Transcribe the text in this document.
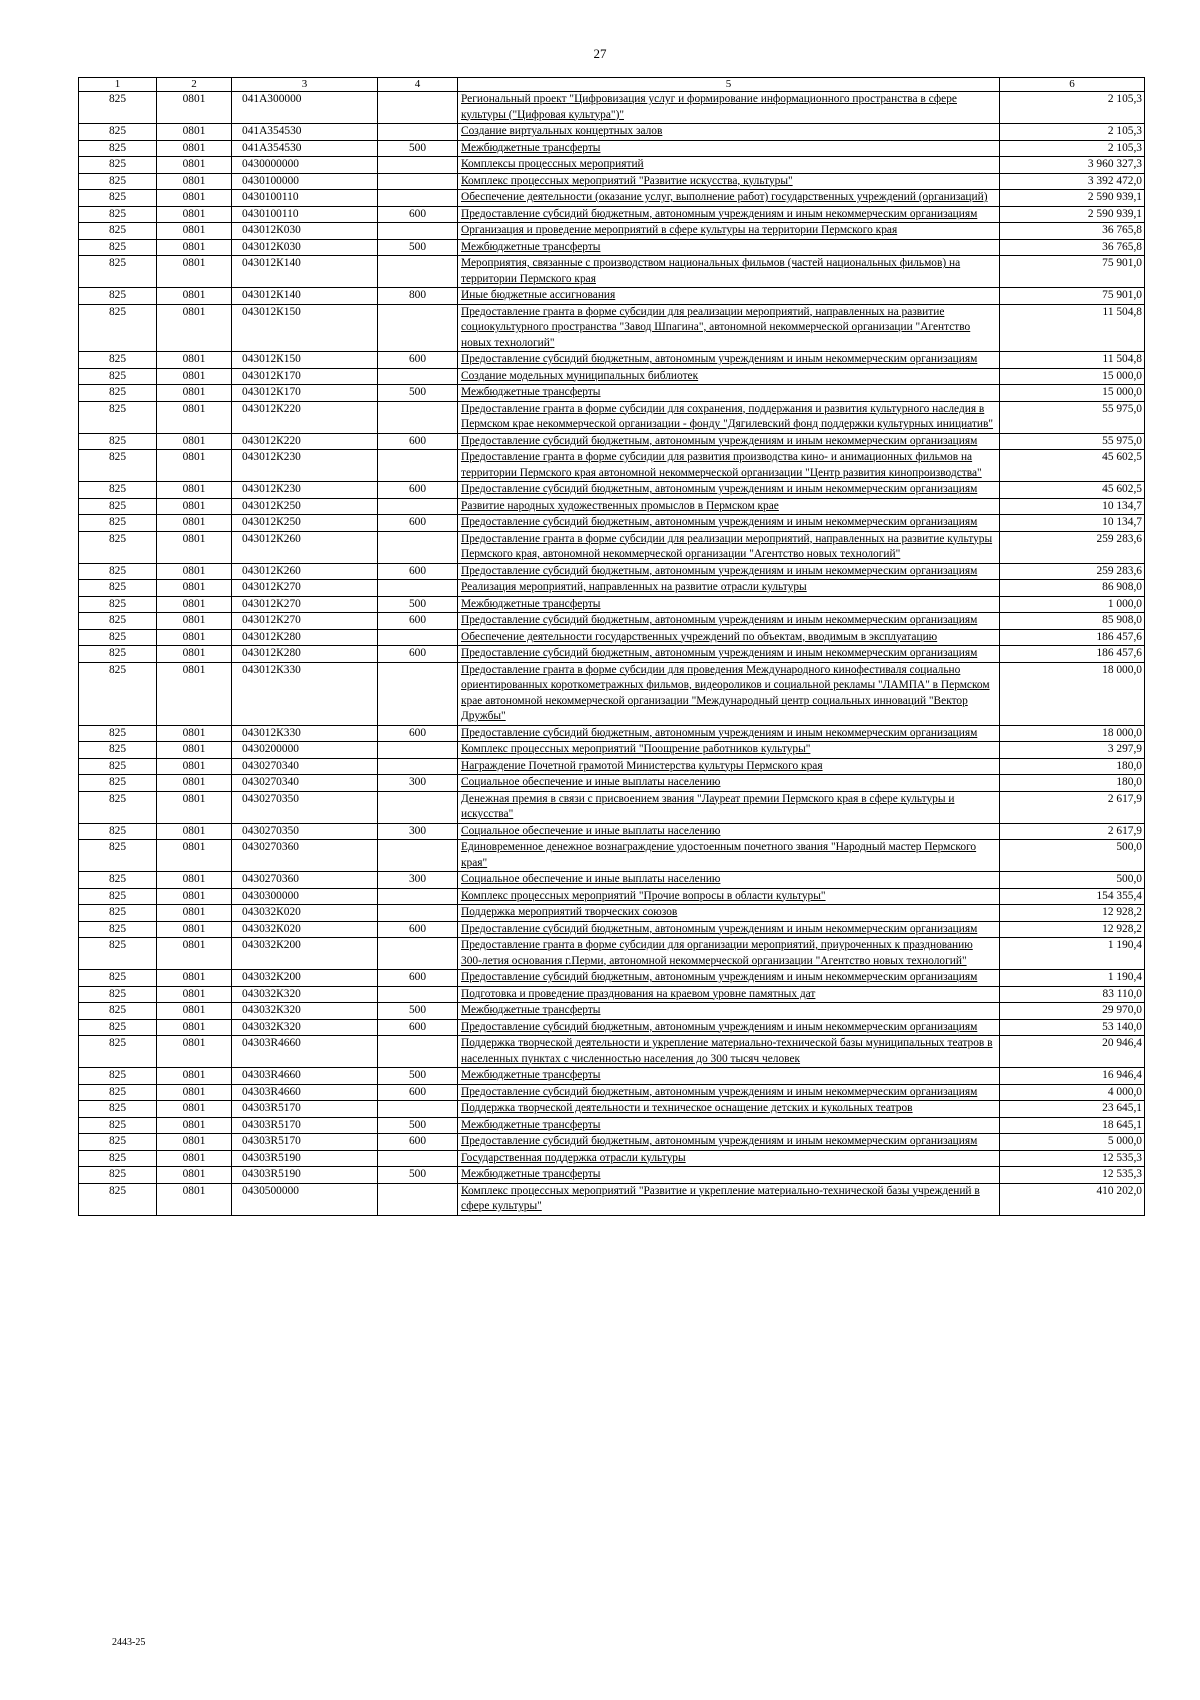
27
1	2	3	4	5	6
825	0801	041A300000		Региональный проект "Цифровизация услуг и формирование информационного пространства в сфере культуры ("Цифровая культура")"	2 105,3
825	0801	041A354530		Создание виртуальных концертных залов	2 105,3
825	0801	041A354530	500	Межбюджетные трансферты	2 105,3
825	0801	0430000000		Комплексы процессных мероприятий	3 960 327,3
825	0801	0430100000		Комплекс процессных мероприятий "Развитие искусства, культуры"	3 392 472,0
825	0801	0430100110		Обеспечение деятельности (оказание услуг, выполнение работ) государственных учреждений (организаций)	2 590 939,1
825	0801	0430100110	600	Предоставление субсидий бюджетным, автономным учреждениям и иным некоммерческим организациям	2 590 939,1
825	0801	043012К030		Организация и проведение мероприятий в сфере культуры на территории Пермского края	36 765,8
825	0801	043012К030	500	Межбюджетные трансферты	36 765,8
825	0801	043012К140		Мероприятия, связанные с производством национальных фильмов (частей национальных фильмов) на территории Пермского края	75 901,0
825	0801	043012К140	800	Иные бюджетные ассигнования	75 901,0
825	0801	043012К150		Предоставление гранта в форме субсидии для реализации мероприятий, направленных на развитие социокультурного пространства "Завод Шпагина", автономной некоммерческой организации "Агентство новых технологий"	11 504,8
825	0801	043012К150	600	Предоставление субсидий бюджетным, автономным учреждениям и иным некоммерческим организациям	11 504,8
825	0801	043012К170		Создание модельных муниципальных библиотек	15 000,0
825	0801	043012К170	500	Межбюджетные трансферты	15 000,0
825	0801	043012К220		Предоставление гранта в форме субсидии для сохранения, поддержания и развития культурного наследия в Пермском крае некоммерческой организации - фонду "Дягилевский фонд поддержки культурных инициатив"	55 975,0
825	0801	043012К220	600	Предоставление субсидий бюджетным, автономным учреждениям и иным некоммерческим организациям	55 975,0
825	0801	043012К230		Предоставление гранта в форме субсидии для развития производства кино- и анимационных фильмов на территории Пермского края автономной некоммерческой организации "Центр развития кинопроизводства"	45 602,5
825	0801	043012К230	600	Предоставление субсидий бюджетным, автономным учреждениям и иным некоммерческим организациям	45 602,5
825	0801	043012К250		Развитие народных художественных промыслов в Пермском крае	10 134,7
825	0801	043012К250	600	Предоставление субсидий бюджетным, автономным учреждениям и иным некоммерческим организациям	10 134,7
825	0801	043012К260		Предоставление гранта в форме субсидии для реализации мероприятий, направленных на развитие культуры Пермского края, автономной некоммерческой организации "Агентство новых технологий"	259 283,6
825	0801	043012К260	600	Предоставление субсидий бюджетным, автономным учреждениям и иным некоммерческим организациям	259 283,6
825	0801	043012К270		Реализация мероприятий, направленных на развитие отрасли культуры	86 908,0
825	0801	043012К270	500	Межбюджетные трансферты	1 000,0
825	0801	043012К270	600	Предоставление субсидий бюджетным, автономным учреждениям и иным некоммерческим организациям	85 908,0
825	0801	043012К280		Обеспечение деятельности государственных учреждений по объектам, вводимым в эксплуатацию	186 457,6
825	0801	043012К280	600	Предоставление субсидий бюджетным, автономным учреждениям и иным некоммерческим организациям	186 457,6
825	0801	043012К330		Предоставление гранта в форме субсидии для проведения Международного кинофестиваля социально ориентированных короткометражных фильмов, видеороликов и социальной рекламы "ЛАМПА" в Пермском крае автономной некоммерческой организации "Международный центр социальных инноваций "Вектор Дружбы"	18 000,0
825	0801	043012К330	600	Предоставление субсидий бюджетным, автономным учреждениям и иным некоммерческим организациям	18 000,0
825	0801	0430200000		Комплекс процессных мероприятий "Поощрение работников культуры"	3 297,9
825	0801	0430270340		Награждение Почетной грамотой Министерства культуры Пермского края	180,0
825	0801	0430270340	300	Социальное обеспечение и иные выплаты населению	180,0
825	0801	0430270350		Денежная премия в связи с присвоением звания "Лауреат премии Пермского края в сфере культуры и искусства"	2 617,9
825	0801	0430270350	300	Социальное обеспечение и иные выплаты населению	2 617,9
825	0801	0430270360		Единовременное денежное вознаграждение удостоенным почетного звания "Народный мастер Пермского края"	500,0
825	0801	0430270360	300	Социальное обеспечение и иные выплаты населению	500,0
825	0801	0430300000		Комплекс процессных мероприятий "Прочие вопросы в области культуры"	154 355,4
825	0801	043032К020		Поддержка мероприятий творческих союзов	12 928,2
825	0801	043032К020	600	Предоставление субсидий бюджетным, автономным учреждениям и иным некоммерческим организациям	12 928,2
825	0801	043032К200		Предоставление гранта в форме субсидии для организации мероприятий, приуроченных к празднованию 300-летия основания г.Перми, автономной некоммерческой организации "Агентство новых технологий"	1 190,4
825	0801	043032К200	600	Предоставление субсидий бюджетным, автономным учреждениям и иным некоммерческим организациям	1 190,4
825	0801	043032К320		Подготовка и проведение празднования на краевом уровне памятных дат	83 110,0
825	0801	043032К320	500	Межбюджетные трансферты	29 970,0
825	0801	043032К320	600	Предоставление субсидий бюджетным, автономным учреждениям и иным некоммерческим организациям	53 140,0
825	0801	04303R4660		Поддержка творческой деятельности и укрепление материально-технической базы муниципальных театров в населенных пунктах с численностью населения до 300 тысяч человек	20 946,4
825	0801	04303R4660	500	Межбюджетные трансферты	16 946,4
825	0801	04303R4660	600	Предоставление субсидий бюджетным, автономным учреждениям и иным некоммерческим организациям	4 000,0
825	0801	04303R5170		Поддержка творческой деятельности и техническое оснащение детских и кукольных театров	23 645,1
825	0801	04303R5170	500	Межбюджетные трансферты	18 645,1
825	0801	04303R5170	600	Предоставление субсидий бюджетным, автономным учреждениям и иным некоммерческим организациям	5 000,0
825	0801	04303R5190		Государственная поддержка отрасли культуры	12 535,3
825	0801	04303R5190	500	Межбюджетные трансферты	12 535,3
825	0801	0430500000		Комплекс процессных мероприятий "Развитие и укрепление материально-технической базы учреждений в сфере культуры"	410 202,0
2443-25
